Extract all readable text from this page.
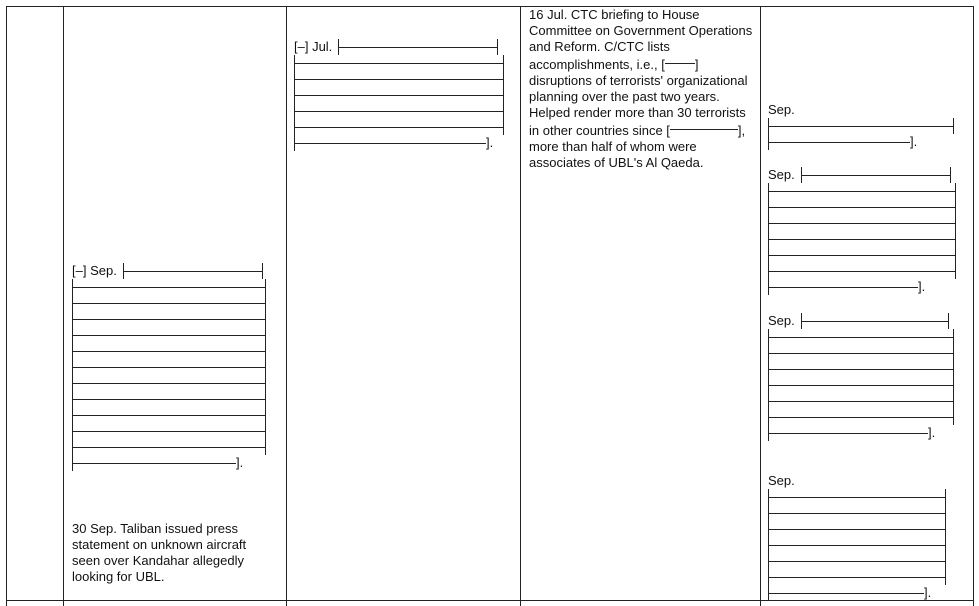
[–] Sep.
].
30 Sep. Taliban issued press statement on unknown aircraft seen over Kandahar allegedly looking for UBL.
[–] Jul.
].
16 Jul. CTC briefing to House Committee on Government Operations and Reform. C/CTC lists accomplishments, i.e., [ ] disruptions of terrorists' organizational planning over the past two years. Helped render more than 30 terrorists in other countries since [	], more than half of whom were associates of UBL's Al Qaeda.
Sep.
].
Sep.
].
Sep.
].
Sep.
].
